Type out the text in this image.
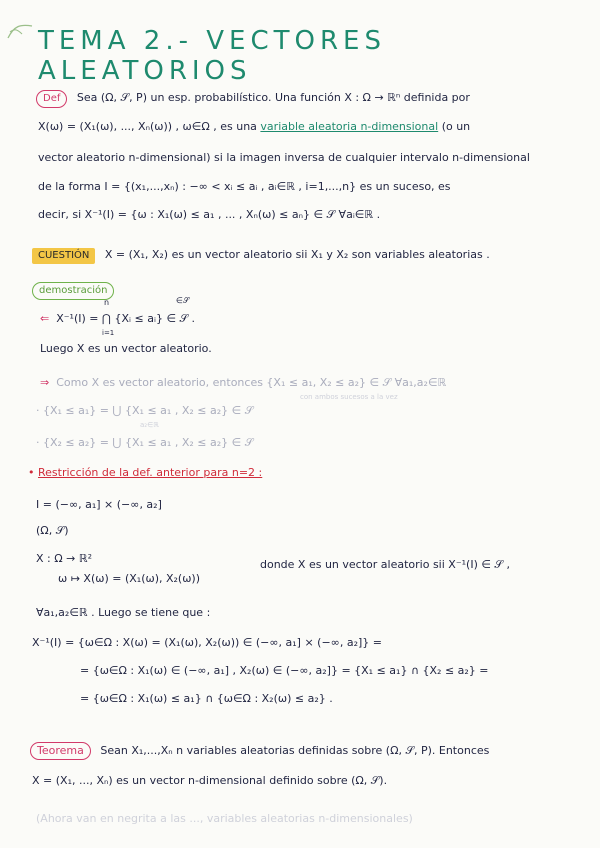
TEMA 2.- VECTORES ALEATORIOS
Def Sea (Ω, 𝒮, P) un esp. probabilístico. Una función X : Ω → ℝⁿ definida por
X(ω) = (X₁(ω), ..., Xₙ(ω)) , ω∈Ω , es una variable aleatoria n-dimensional (o un
vector aleatorio n-dimensional) si la imagen inversa de cualquier intervalo n-dimensional
de la forma I = {(x₁,...,xₙ) : −∞ < xᵢ ≤ aᵢ , aᵢ∈ℝ , i=1,...,n} es un suceso, es
decir, si X⁻¹(I) = {ω : X₁(ω) ≤ a₁ , ... , Xₙ(ω) ≤ aₙ} ∈ 𝒮 ∀aᵢ∈ℝ .
CUESTIÓN X = (X₁, X₂) es un vector aleatorio sii X₁ y X₂ son variables aleatorias .
demostración
n	∈𝒮
⇐ X⁻¹(I) = ⋂ {Xᵢ ≤ aᵢ} ∈ 𝒮 .
i=1
Luego X es un vector aleatorio.
⇒ Como X es vector aleatorio, entonces {X₁ ≤ a₁, X₂ ≤ a₂} ∈ 𝒮 ∀a₁,a₂∈ℝ
con ambos sucesos a la vez
· {X₁ ≤ a₁} = ⋃ {X₁ ≤ a₁ , X₂ ≤ a₂} ∈ 𝒮
a₂∈ℝ
· {X₂ ≤ a₂} = ⋃ {X₁ ≤ a₁ , X₂ ≤ a₂} ∈ 𝒮
• Restricción de la def. anterior para n=2 :
I = (−∞, a₁] × (−∞, a₂]
(Ω, 𝒮)
X : Ω → ℝ²	donde X es un vector aleatorio sii X⁻¹(I) ∈ 𝒮 ,
ω ↦ X(ω) = (X₁(ω), X₂(ω))
∀a₁,a₂∈ℝ . Luego se tiene que :
X⁻¹(I) = {ω∈Ω : X(ω) = (X₁(ω), X₂(ω)) ∈ (−∞, a₁] × (−∞, a₂]} =
= {ω∈Ω : X₁(ω) ∈ (−∞, a₁] , X₂(ω) ∈ (−∞, a₂]} = {X₁ ≤ a₁} ∩ {X₂ ≤ a₂} =
= {ω∈Ω : X₁(ω) ≤ a₁} ∩ {ω∈Ω : X₂(ω) ≤ a₂} .
Teorema Sean X₁,...,Xₙ n variables aleatorias definidas sobre (Ω, 𝒮, P). Entonces
X = (X₁, ..., Xₙ) es un vector n-dimensional definido sobre (Ω, 𝒮).
(Ahora van en negrita a las ..., variables aleatorias n-dimensionales)
